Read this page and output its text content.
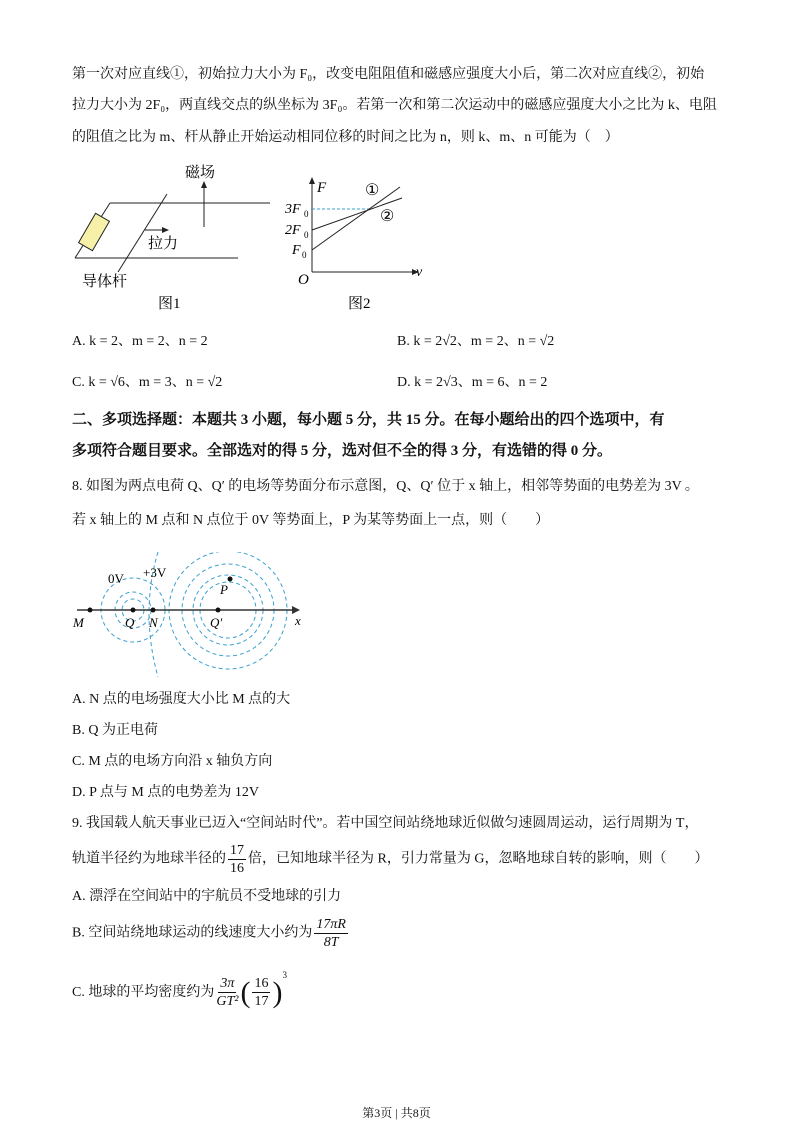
第一次对应直线①，初始拉力大小为 F₀，改变电阻阻值和磁感应强度大小后，第二次对应直线②，初始
拉力大小为 2F₀，两直线交点的纵坐标为 3F₀。若第一次和第二次运动中的磁感应强度大小之比为 k、电阻
的阻值之比为 m、杆从静止开始运动相同位移的时间之比为 n，则 k、m、n 可能为（　）
磁场
拉力
导体杆
图1
F
v
O
3F 0
2F 0
F 0
①
②
图2
A. k = 2、m = 2、n = 2	B. k = 2√2、m = 2、n = √2
C. k = √6、m = 3、n = √2	D. k = 2√3、m = 6、n = 2
二、多项选择题：本题共 3 小题，每小题 5 分，共 15 分。在每小题给出的四个选项中，有
多项符合题目要求。全部选对的得 5 分，选对但不全的得 3 分，有选错的得 0 分。
8. 如图为两点电荷 Q、Q′ 的电场等势面分布示意图，Q、Q′ 位于 x 轴上，相邻等势面的电势差为 3V 。
若 x 轴上的 M 点和 N 点位于 0V 等势面上，P 为某等势面上一点，则（　　）
0V +3V
M	Q N	Q′
P
x
A. N 点的电场强度大小比 M 点的大
B. Q 为正电荷
C. M 点的电场方向沿 x 轴负方向
D. P 点与 M 点的电势差为 12V
9. 我国载人航天事业已迈入“空间站时代”。若中国空间站绕地球近似做匀速圆周运动，运行周期为 T，
轨道半径约为地球半径的 $\frac{17}{16}$ 倍，已知地球半径为 R，引力常量为 G，忽略地球自转的影响，则（　　）
A. 漂浮在空间站中的宇航员不受地球的引力
B. 空间站绕地球运动的线速度大小约为 $\frac{17\pi R}{8T}$
C. 地球的平均密度约为 $\frac{3\pi}{\text{GT²}}$ ( $\frac{16}{17} )^3$
第3页 | 共8页
